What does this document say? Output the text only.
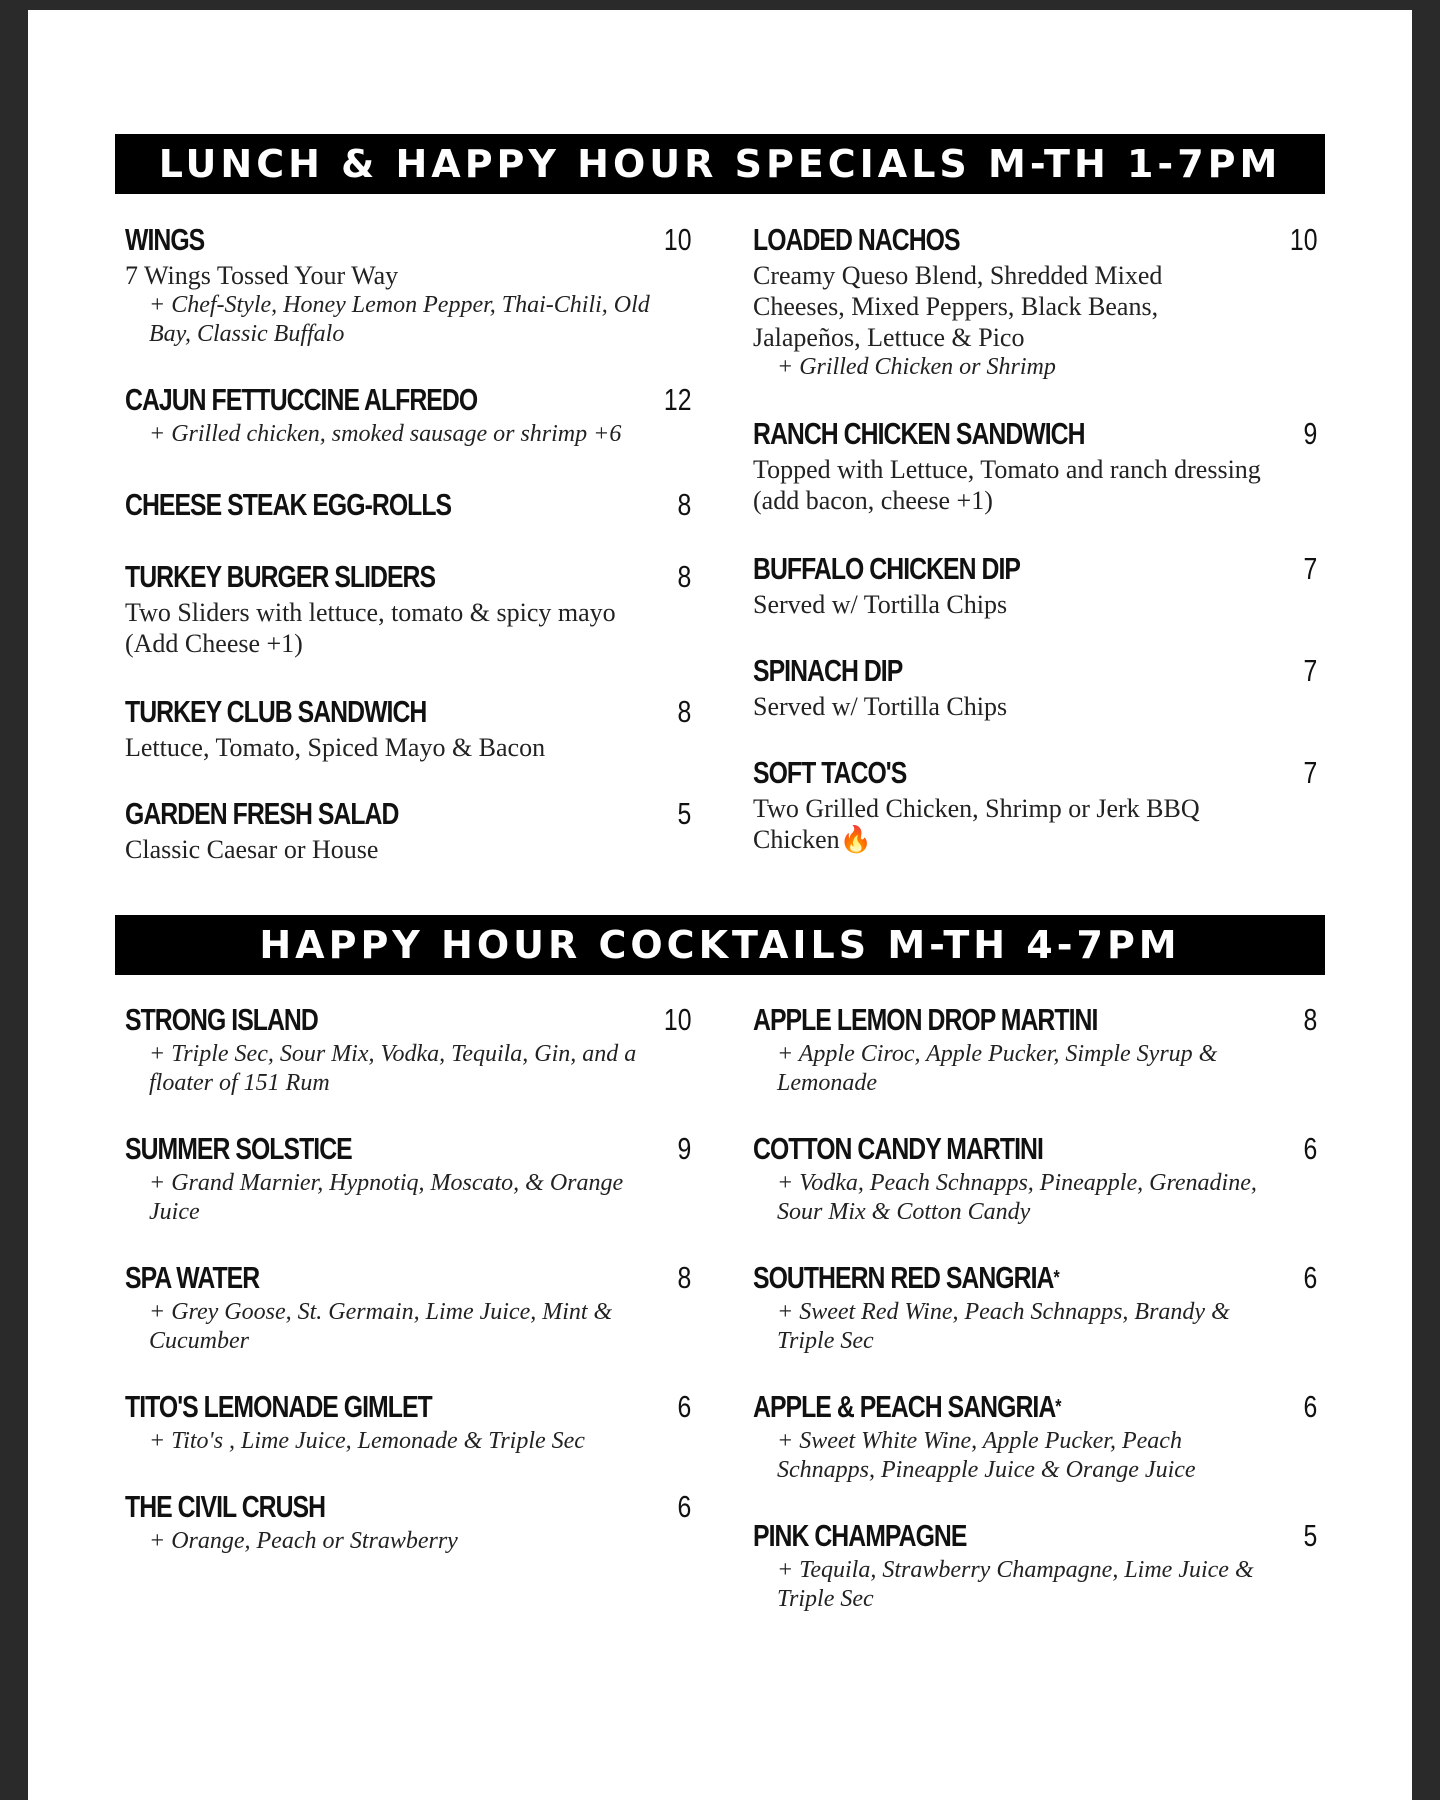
LUNCH & HAPPY HOUR SPECIALS M-TH 1-7PM
WINGS	10
7 Wings Tossed Your Way
+ Chef-Style, Honey Lemon Pepper, Thai-Chili, Old Bay, Classic Buffalo
CAJUN FETTUCCINE ALFREDO	12
+ Grilled chicken, smoked sausage or shrimp +6
CHEESE STEAK EGG-ROLLS	8
TURKEY BURGER SLIDERS	8
Two Sliders with lettuce, tomato & spicy mayo (Add Cheese +1)
TURKEY CLUB SANDWICH	8
Lettuce, Tomato, Spiced Mayo & Bacon
GARDEN FRESH SALAD	5
Classic Caesar or House
LOADED NACHOS	10
Creamy Queso Blend, Shredded Mixed Cheeses, Mixed Peppers, Black Beans, Jalapeños, Lettuce & Pico
+ Grilled Chicken or Shrimp
RANCH CHICKEN SANDWICH	9
Topped with Lettuce, Tomato and ranch dressing (add bacon, cheese +1)
BUFFALO CHICKEN DIP	7
Served w/ Tortilla Chips
SPINACH DIP	7
Served w/ Tortilla Chips
SOFT TACO'S	7
Two Grilled Chicken, Shrimp or Jerk BBQ Chicken🔥
HAPPY HOUR COCKTAILS M-TH 4-7PM
STRONG ISLAND	10
+ Triple Sec, Sour Mix, Vodka, Tequila, Gin, and a floater of 151 Rum
SUMMER SOLSTICE	9
+ Grand Marnier, Hypnotiq, Moscato, & Orange Juice
SPA WATER	8
+ Grey Goose, St. Germain, Lime Juice, Mint & Cucumber
TITO'S LEMONADE GIMLET	6
+ Tito's , Lime Juice, Lemonade & Triple Sec
THE CIVIL CRUSH	6
+ Orange, Peach or Strawberry
APPLE LEMON DROP MARTINI	8
+ Apple Ciroc, Apple Pucker, Simple Syrup & Lemonade
COTTON CANDY MARTINI	6
+ Vodka, Peach Schnapps, Pineapple, Grenadine, Sour Mix & Cotton Candy
SOUTHERN RED SANGRIA*	6
+ Sweet Red Wine, Peach Schnapps, Brandy & Triple Sec
APPLE & PEACH SANGRIA*	6
+ Sweet White Wine, Apple Pucker, Peach Schnapps, Pineapple Juice & Orange Juice
PINK CHAMPAGNE	5
+ Tequila, Strawberry Champagne, Lime Juice & Triple Sec
